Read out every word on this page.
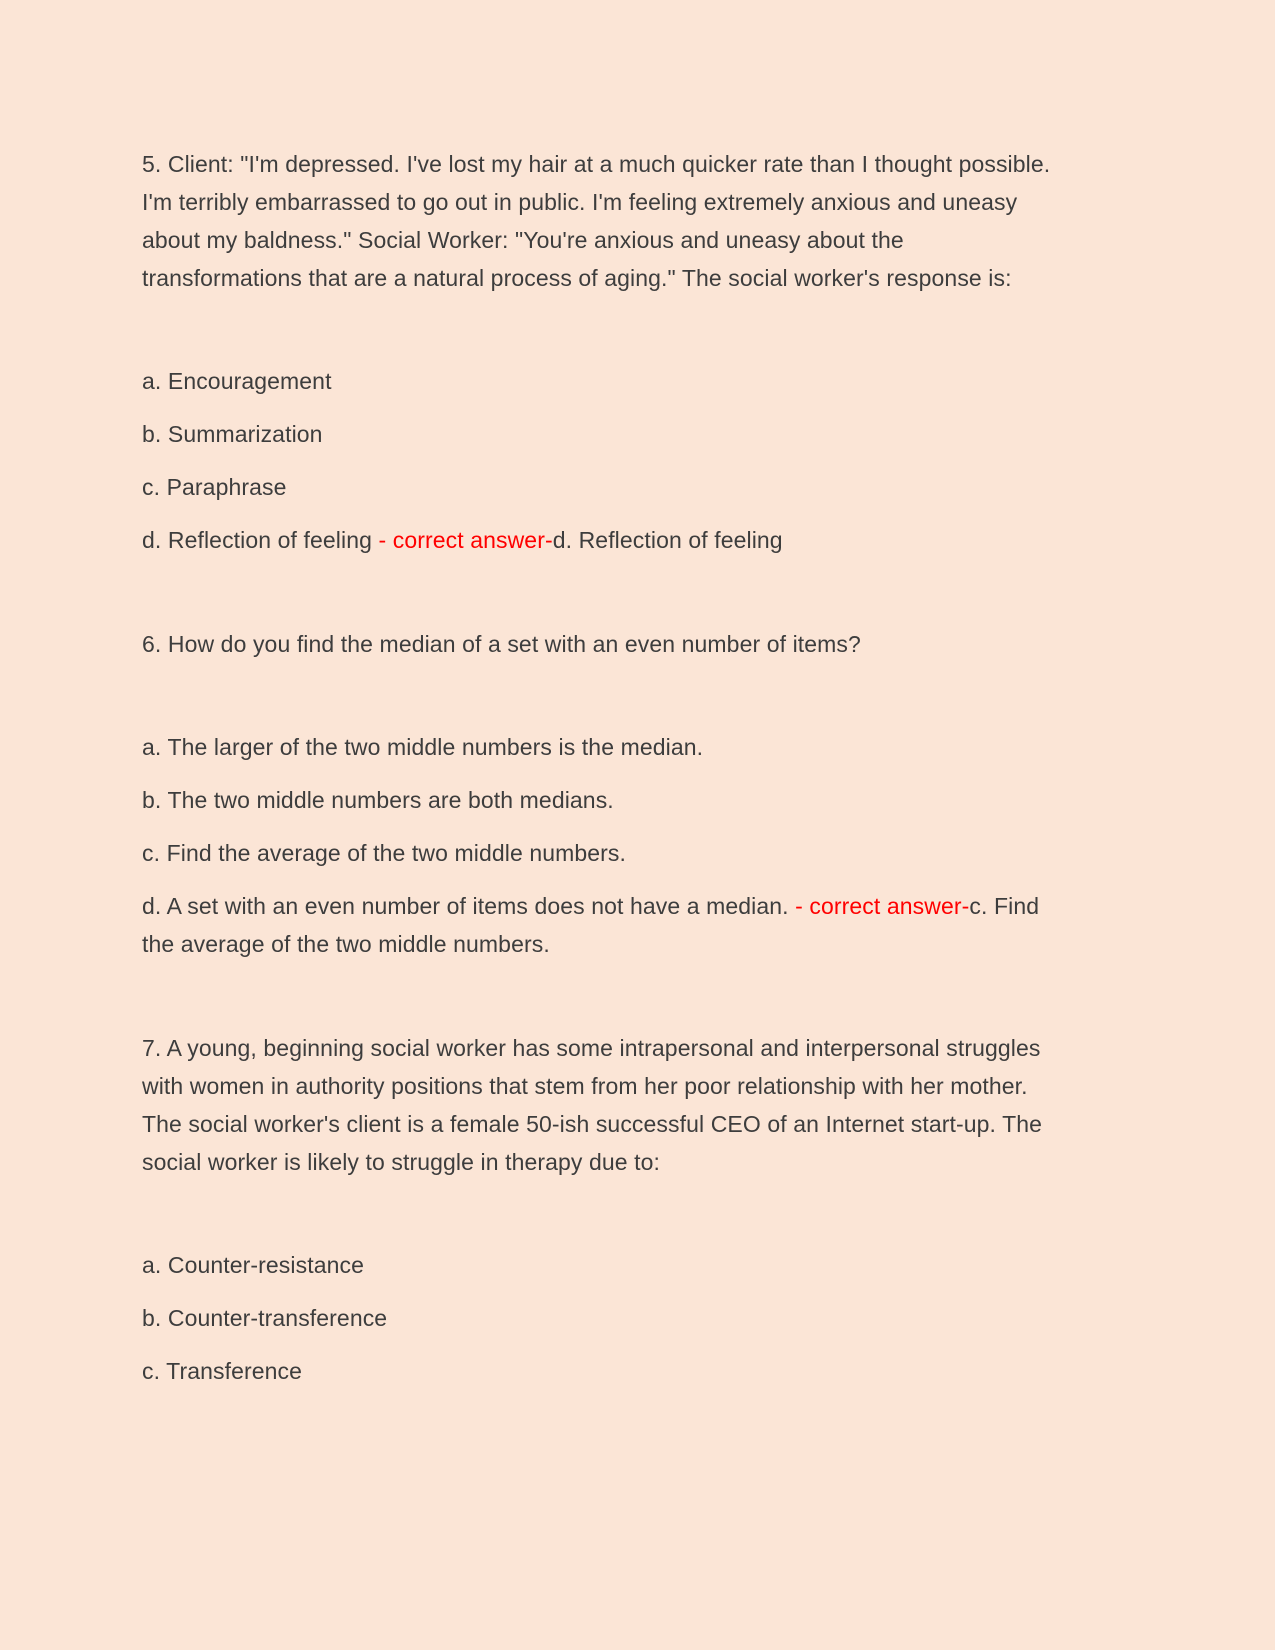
5. Client: "I'm depressed. I've lost my hair at a much quicker rate than I thought possible. I'm terribly embarrassed to go out in public. I'm feeling extremely anxious and uneasy about my baldness." Social Worker: "You're anxious and uneasy about the transformations that are a natural process of aging." The social worker's response is:

a. Encouragement

b. Summarization

c. Paraphrase

d. Reflection of feeling - correct answer-d. Reflection of feeling

6. How do you find the median of a set with an even number of items?

a. The larger of the two middle numbers is the median.

b. The two middle numbers are both medians.

c. Find the average of the two middle numbers.

d. A set with an even number of items does not have a median. - correct answer-c. Find the average of the two middle numbers.

7. A young, beginning social worker has some intrapersonal and interpersonal struggles with women in authority positions that stem from her poor relationship with her mother. The social worker's client is a female 50-ish successful CEO of an Internet start-up. The social worker is likely to struggle in therapy due to:

a. Counter-resistance

b. Counter-transference

c. Transference
